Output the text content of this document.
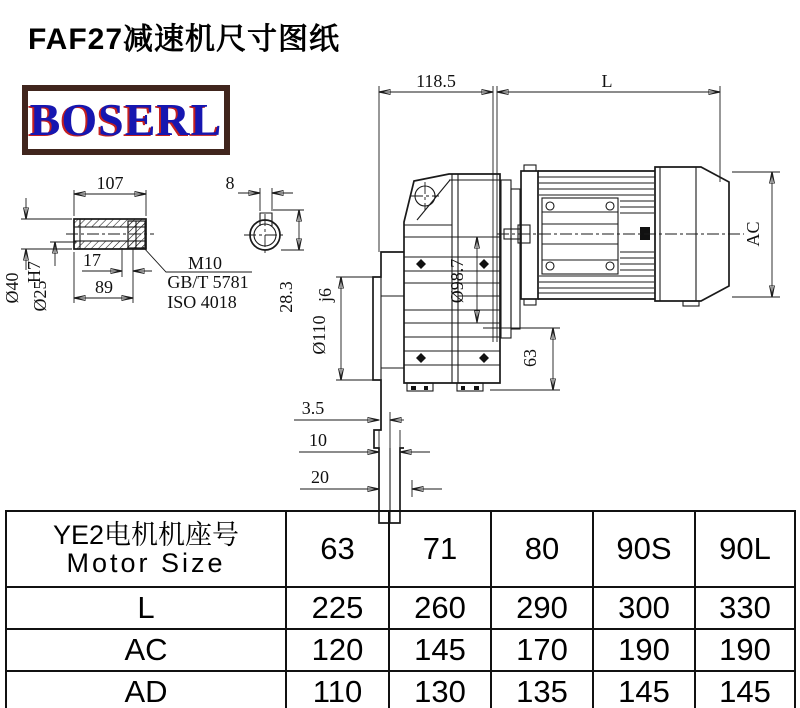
FAF27减速机尺寸图纸
BOSERL
107
17
89
Ø40 Ø25
H7	M10
GB/T 5781
ISO 4018
8
28.3
118.5	L
AC
Ø110
j6	Ø98.7
63
3.5
10
20
YE2电机机座号
Motor Size	63	71	80	90S	90L
L	225	260	290	300	330
AC	120	145	170	190	190
AD	110	130	135	145	145
